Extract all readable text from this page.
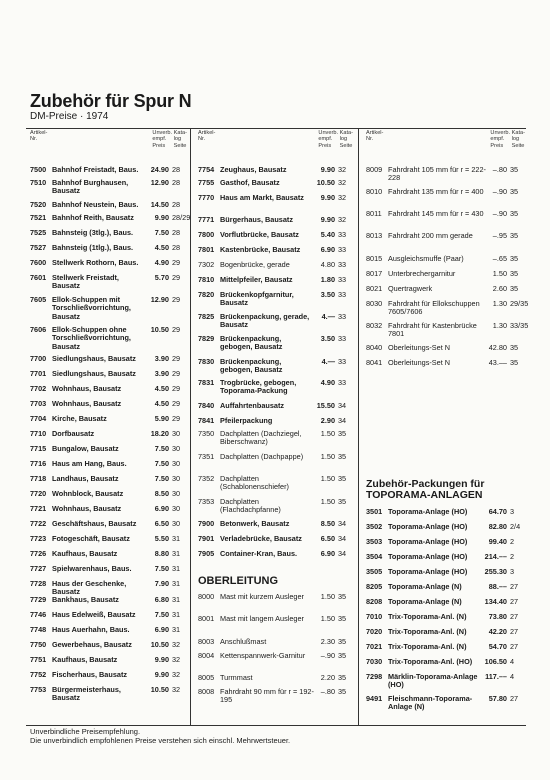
Zubehör für Spur N
DM-Preise · 1974
Artikel-
Nr.
Unverb.
empf.
Preis
Kata-
log
Seite
7500 Bahnhof Freistadt, Baus.	24.90 28
7510 Bahnhof Burghausen, Bausatz
12.90 28
7520 Bahnhof Neustein, Baus.	14.50 28
7521 Bahnhof Reith, Bausatz	9.90 28/29
7525 Bahnsteig (3tlg.), Baus.	7.50 28
7527 Bahnsteig (1tlg.), Baus.	4.50 28
7600 Stellwerk Rothorn, Baus.	4.90 29
7601 Stellwerk Freistadt, Bausatz
5.70 29
7605 Ellok-Schuppen mit Torschließvorrichtung, Bausatz
12.90 29
7606 Ellok-Schuppen ohne Torschließvorrichtung, Bausatz
10.50 29
7700 Siedlungshaus, Bausatz	3.90 29
7701 Siedlungshaus, Bausatz	3.90 29
7702 Wohnhaus, Bausatz	4.50 29
7703 Wohnhaus, Bausatz	4.50 29
7704 Kirche, Bausatz	5.90 29
7710 Dorfbausatz	18.20 30
7715 Bungalow, Bausatz	7.50 30
7716 Haus am Hang, Baus.	7.50 30
7718 Landhaus, Bausatz	7.50 30
7720 Wohnblock, Bausatz	8.50 30
7721 Wohnhaus, Bausatz	6.90 30
7722 Geschäftshaus, Bausatz	6.50 30
7723 Fotogeschäft, Bausatz	5.50 31
7726 Kaufhaus, Bausatz	8.80 31
7727 Spielwarenhaus, Baus.	7.50 31
7728 Haus der Geschenke, Bausatz
7.90 31
7729 Bankhaus, Bausatz	6.80 31
7746 Haus Edelweiß, Bausatz	7.50 31
7748 Haus Auerhahn, Baus.	6.90 31
7750 Gewerbehaus, Bausatz	10.50 32
7751 Kaufhaus, Bausatz	9.90 32
7752 Fischerhaus, Bausatz	9.90 32
7753 Bürgermeisterhaus, Bausatz
10.50 32
Artikel-
Nr.
Unverb.
empf.
Preis
Kata-
log
Seite
7754 Zeughaus, Bausatz	9.90 32
7755 Gasthof, Bausatz	10.50 32
7770 Haus am Markt, Bausatz	9.90 32
7771 Bürgerhaus, Bausatz	9.90 32
7800 Vorflutbrücke, Bausatz	5.40 33
7801 Kastenbrücke, Bausatz	6.90 33
7302 Bogenbrücke, gerade	4.80 33
7810 Mittelpfeiler, Bausatz	1.80 33
7820 Brückenkopfgarnitur, Bausatz
3.50 33
7825 Brückenpackung, gerade, Bausatz
4.— 33
7829 Brückenpackung, gebogen, Bausatz
3.50 33
7830 Brückenpackung, gebogen, Bausatz
4.— 33
7831 Trogbrücke, gebogen, Toporama-Packung
4.90 33
7840 Auffahrtenbausatz	15.50 34
7841 Pfeilerpackung	2.90 34
7350 Dachplatten (Dachziegel, Biberschwanz)
1.50 35
7351 Dachplatten (Dachpappe)	1.50 35
7352 Dachplatten (Schablonenschiefer)
1.50 35
7353 Dachplatten (Flachdachpfanne)
1.50 35
7900 Betonwerk, Bausatz	8.50 34
7901 Verladebrücke, Bausatz	6.50 34
7905 Container-Kran, Baus.	6.90 34
OBERLEITUNG
8000 Mast mit kurzem Ausleger	1.50 35
8001 Mast mit langem Ausleger	1.50 35
8003 Anschlußmast	2.30 35
8004 Kettenspannwerk-Garnitur	–.90 35
8005 Turmmast	2.20 35
8008 Fahrdraht 90 mm für r = 192-195
–.80 35
Artikel-
Nr.
Unverb.
empf.
Preis
Kata-
log
Seite
8009 Fahrdraht 105 mm für r = 222-228
–.80 35
8010 Fahrdraht 135 mm für r = 400	–.90 35
8011 Fahrdraht 145 mm für r = 430	–.90 35
8013 Fahrdraht 200 mm gerade	–.95 35
8015 Ausgleichsmuffe (Paar)	–.65 35
8017 Unterbrechergarnitur	1.50 35
8021 Quertragwerk	2.60 35
8030 Fahrdraht für Ellokschuppen 7605/7606
1.30 29/35
8032 Fahrdraht für Kastenbrücke 7801
1.30 33/35
8040 Oberleitungs-Set N	42.80 35
8041 Oberleitungs-Set N	43.–– 35
Zubehör-Packungen für
TOPORAMA-ANLAGEN
3501 Toporama-Anlage (HO)	64.70 3
3502 Toporama-Anlage (HO)	82.80 2/4
3503 Toporama-Anlage (HO)	99.40 2
3504 Toporama-Anlage (HO)	214.–– 2
3505 Toporama-Anlage (HO)	255.30 3
8205 Toporama-Anlage (N)	88.–– 27
8208 Toporama-Anlage (N)	134.40 27
7010 Trix-Toporama-Anl. (N)	73.80 27
7020 Trix-Toporama-Anl. (N)	42.20 27
7021 Trix-Toporama-Anl. (N)	54.70 27
7030 Trix-Toporama-Anl. (HO)	106.50 4
7298 Märklin-Toporama-Anlage (HO)
117.–– 4
9491 Fleischmann-Toporama-Anlage (N)
57.80 27
Unverbindliche Preisempfehlung.
Die unverbindlich empfohlenen Preise verstehen sich einschl. Mehrwertsteuer.
